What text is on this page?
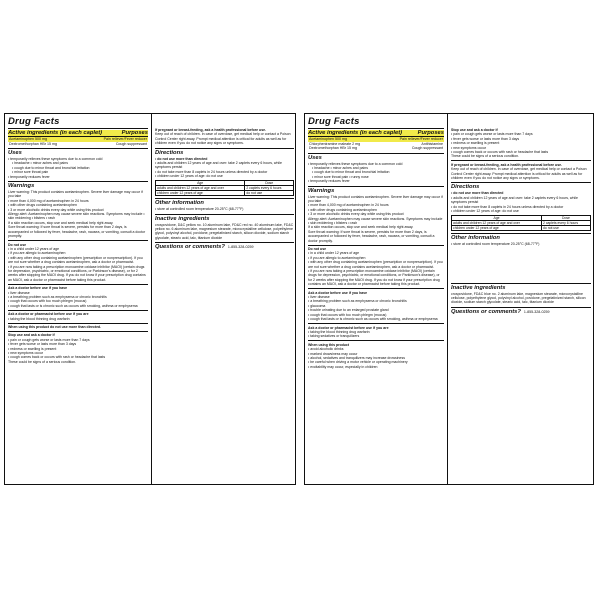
Drug Facts
Active ingredients (in each caplet)	Purposes
Acetaminophen 500 mg	Pain reliever/Fever reducer
Dextromethorphan HBr 15 mg	Cough suppressant
Uses
• temporarily relieves these symptoms due to a common cold
• headache • minor aches and pains
• cough due to minor throat and bronchial irritation
• minor sore throat pain
• temporarily reduces fever
Warnings
Liver warning: This product contains acetaminophen. Severe liver damage may occur if you take
• more than 4,000 mg of acetaminophen in 24 hours
• with other drugs containing acetaminophen
• 3 or more alcoholic drinks every day while using this product
Allergy alert: Acetaminophen may cause severe skin reactions. Symptoms may include • skin reddening • blisters • rash
If a skin reaction occurs, stop use and seek medical help right away.
Sore throat warning: If sore throat is severe, persists for more than 2 days, is accompanied or followed by fever, headache, rash, nausea, or vomiting, consult a doctor promptly.
Do not use
• in a child under 12 years of age
• if you are allergic to acetaminophen
• with any other drug containing acetaminophen (prescription or nonprescription). If you are not sure whether a drug contains acetaminophen, ask a doctor or pharmacist.
• if you are now taking a prescription monoamine oxidase inhibitor (MAOI) (certain drugs for depression, psychiatric, or emotional conditions, or Parkinson's disease), or for 2 weeks after stopping the MAOI drug. If you do not know if your prescription drug contains an MAOI, ask a doctor or pharmacist before taking this product.
Ask a doctor before use if you have
• liver disease
• a breathing problem such as emphysema or chronic bronchitis
• cough that occurs with too much phlegm (mucus)
• cough that lasts or is chronic such as occurs with smoking, asthma or emphysema
Ask a doctor or pharmacist before use if you are
• taking the blood thinning drug warfarin
When using this product do not use more than directed.
Stop use and ask a doctor if
• pain or cough gets worse or lasts more than 7 days
• fever gets worse or lasts more than 3 days
• redness or swelling is present
• new symptoms occur
• cough comes back or occurs with rash or headache that lasts
These could be signs of a serious condition.
If pregnant or breast-feeding, ask a health professional before use.
Keep out of reach of children. In case of overdose, get medical help or contact a Poison Control Center right away. Prompt medical attention is critical for adults as well as for children even if you do not notice any signs or symptoms.
Directions
• do not use more than directed
• adults and children 12 years of age and over: take 2 caplets every 6 hours, while symptoms persist
• do not take more than 8 caplets in 24 hours unless directed by a doctor
• children under 12 years of age: do not use
Age	Dose
adults and children 12 years of age and over	2 caplets every 6 hours
children under 12 years of age	do not use
Other information
• store at controlled room temperature 20-25°C (68-77°F)
Inactive ingredients
crospovidone, D&C yellow no. 10 aluminum lake, FD&C red no. 40 aluminum lake, FD&C yellow no. 6 aluminum lake, magnesium stearate, microcrystalline cellulose, polyethylene glycol, polyvinyl alcohol, povidone, pregelatinized starch, silicon dioxide, sodium starch glycolate, stearic acid, talc, titanium dioxide
Questions or comments? 1-855-328-0259
Drug Facts
Active ingredients (in each caplet)	Purposes
Acetaminophen 500 mg	Pain reliever/Fever reducer
Chlorpheniramine maleate 2 mg	Antihistamine
Dextromethorphan HBr 15 mg	Cough suppressant
Uses
• temporarily relieves these symptoms due to a common cold
• headache • minor aches and pains
• cough due to minor throat and bronchial irritation
• minor sore throat pain • runny nose
• temporarily reduces fever
Warnings
Liver warning: This product contains acetaminophen. Severe liver damage may occur if you take
• more than 4,000 mg of acetaminophen in 24 hours
• with other drugs containing acetaminophen
• 3 or more alcoholic drinks every day while using this product
Allergy alert: Acetaminophen may cause severe skin reactions. Symptoms may include • skin reddening • blisters • rash
If a skin reaction occurs, stop use and seek medical help right away.
Sore throat warning: If sore throat is severe, persists for more than 2 days, is accompanied or followed by fever, headache, rash, nausea, or vomiting, consult a doctor promptly.
Do not use
• in a child under 12 years of age
• if you are allergic to acetaminophen
• with any other drug containing acetaminophen (prescription or nonprescription). If you are not sure whether a drug contains acetaminophen, ask a doctor or pharmacist.
• if you are now taking a prescription monoamine oxidase inhibitor (MAOI) (certain drugs for depression, psychiatric, or emotional conditions, or Parkinson's disease), or for 2 weeks after stopping the MAOI drug. If you do not know if your prescription drug contains an MAOI, ask a doctor or pharmacist before taking this product.
Ask a doctor before use if you have
• liver disease
• a breathing problem such as emphysema or chronic bronchitis
• glaucoma
• trouble urinating due to an enlarged prostate gland
• cough that occurs with too much phlegm (mucus)
• cough that lasts or is chronic such as occurs with smoking, asthma or emphysema
Ask a doctor or pharmacist before use if you are
• taking the blood thinning drug warfarin
• taking sedatives or tranquilizers
When using this product
• avoid alcoholic drinks
• marked drowsiness may occur
• alcohol, sedatives and tranquilizers may increase drowsiness
• be careful when driving a motor vehicle or operating machinery
• excitability may occur, especially in children
Stop use and ask a doctor if
• pain or cough gets worse or lasts more than 7 days
• fever gets worse or lasts more than 3 days
• redness or swelling is present
• new symptoms occur
• cough comes back or occurs with rash or headache that lasts
These could be signs of a serious condition.
If pregnant or breast-feeding, ask a health professional before use.
Keep out of reach of children. In case of overdose, get medical help or contact a Poison Control Center right away. Prompt medical attention is critical for adults as well as for children even if you do not notice any signs or symptoms.
Directions
• do not use more than directed
• adults and children 12 years of age and over: take 2 caplets every 6 hours, while symptoms persist
• do not take more than 8 caplets in 24 hours unless directed by a doctor
• children under 12 years of age: do not use
Age	Dose
adults and children 12 years of age and over	2 caplets every 6 hours
children under 12 years of age	do not use
Other information
• store at controlled room temperature 20-25°C (68-77°F)
Inactive ingredients
crospovidone, FD&C blue no. 2 aluminum lake, magnesium stearate, microcrystalline cellulose, polyethylene glycol, polyvinyl alcohol, povidone, pregelatinized starch, silicon dioxide, sodium starch glycolate, stearic acid, talc, titanium dioxide
Questions or comments? 1-855-328-0259
